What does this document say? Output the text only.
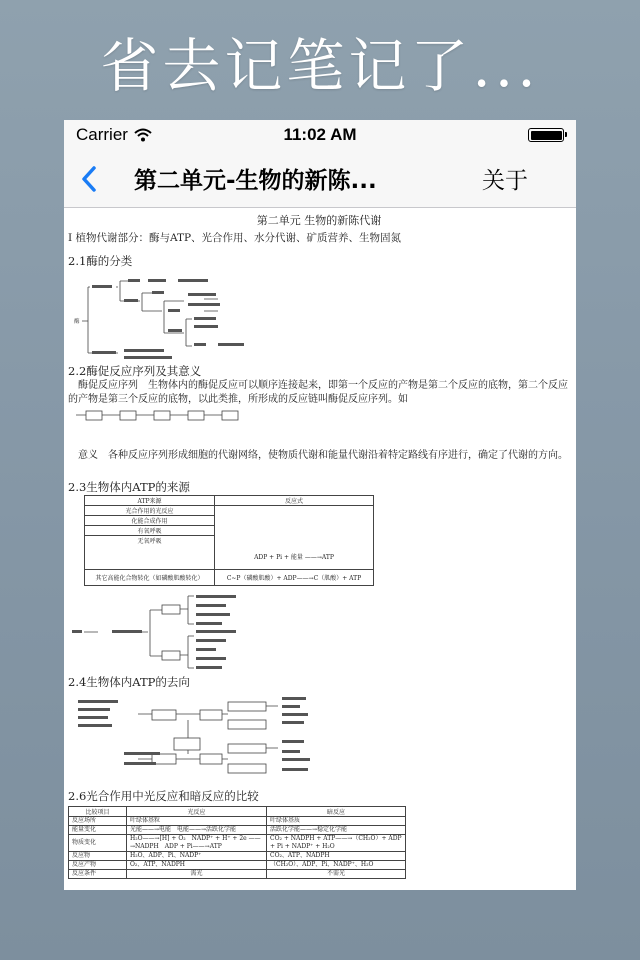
省去记笔记了...
Carrier	11:02 AM
第二单元-生物的新陈...	关于
第二单元 生物的新陈代谢
Ⅰ 植物代谢部分：酶与ATP、光合作用、水分代谢、矿质营养、生物固氮
2.1酶的分类
酶
2.2酶促反应序列及其意义
　酶促反应序列　生物体内的酶促反应可以顺序连接起来，即第一个反应的产物是第二个反应的底物，第二个反应的产物是第三个反应的底物，以此类推，所形成的反应链叫酶促反应序列。如
　意义　各种反应序列形成细胞的代谢网络，使物质代谢和能量代谢沿着特定路线有序进行，确定了代谢的方向。
2.3生物体内ATP的来源
ATP来源	反应式
光合作用的光反应	ADP + Pi + 能量 ——→ATP

化能合成作用	
有氧呼吸	
无氧呼吸	
其它高能化合物转化（如磷酸肌酸转化）	C~P（磷酸肌酸）+ ADP——→C（肌酸）+ ATP
2.4生物体内ATP的去向
2.6光合作用中光反应和暗反应的比较
比较项目	光反应	暗反应
反应场所	叶绿体基粒	叶绿体基质
能量变化	光能——→电能　电能——→活跃化学能	活跃化学能——→稳定化学能
物质变化	H₂O——→[H] + O₂　NADP⁺ + H⁺ + 2e ——→NADPH　ADP + Pi——→ATP	CO₂ + NADPH + ATP——→（CH₂O）+ ADP + Pi + NADP⁺ + H₂O
反应物	H₂O、ADP、Pi、NADP⁺	CO₂、ATP、NADPH
反应产物	O₂、ATP、NADPH	（CH₂O）、ADP、Pi、NADP⁺、H₂O
反应条件	需光	不需光
